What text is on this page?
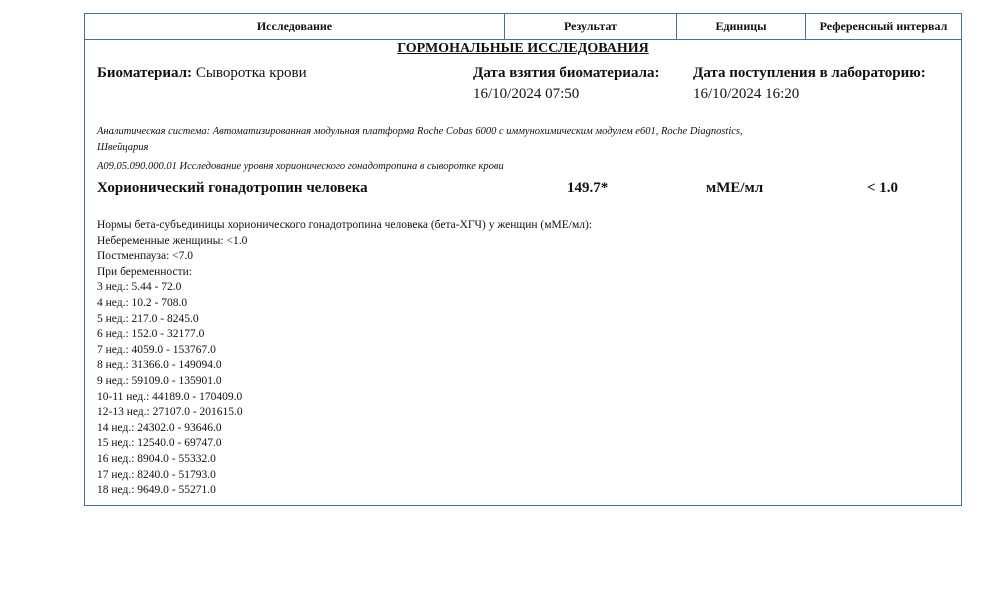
Исследование	Результат	Единицы	Референсный интервал
ГОРМОНАЛЬНЫЕ ИССЛЕДОВАНИЯ
Биоматериал: Сыворотка крови	Дата взятия биоматериала:
16/10/2024 07:50
Дата поступления в лабораторию:
16/10/2024 16:20
Аналитическая система: Автоматизированная модульная платформа Roche Cobas 6000 с иммунохимическим модулем e601, Roche Diagnostics,
Швейцария
A09.05.090.000.01 Исследование уровня хорионического гонадотропина в сыворотке крови
Хорионический гонадотропин человека	149.7*	мМЕ/мл	< 1.0
Нормы бета-субъединицы хорионического гонадотропина человека (бета-ХГЧ) у женщин (мМЕ/мл):
Небеременные женщины: <1.0
Постменпауза: <7.0
При беременности:
3 нед.: 5.44 - 72.0
4 нед.: 10.2 - 708.0
5 нед.: 217.0 - 8245.0
6 нед.: 152.0 - 32177.0
7 нед.: 4059.0 - 153767.0
8 нед.: 31366.0 - 149094.0
9 нед.: 59109.0 - 135901.0
10-11 нед.: 44189.0 - 170409.0
12-13 нед.: 27107.0 - 201615.0
14 нед.: 24302.0 - 93646.0
15 нед.: 12540.0 - 69747.0
16 нед.: 8904.0 - 55332.0
17 нед.: 8240.0 - 51793.0
18 нед.: 9649.0 - 55271.0
